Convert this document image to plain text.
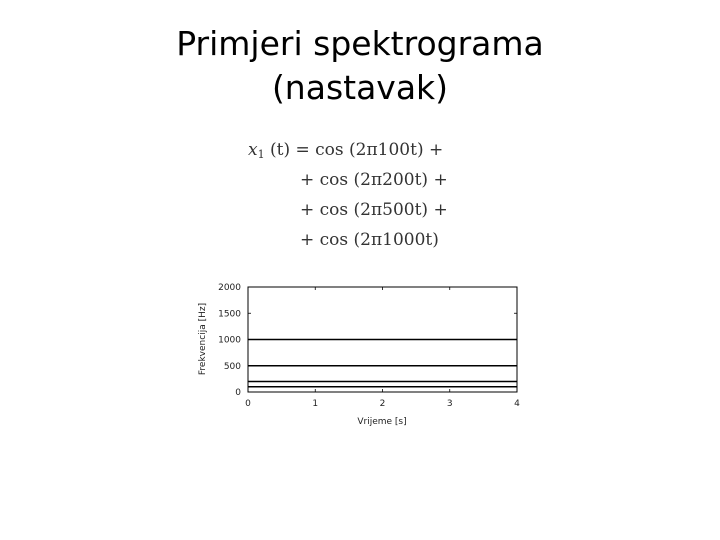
Primjeri spektrograma
(nastavak)
$x_1$ (t) = cos (2π100t) +
+ cos (2π200t) +
+ cos (2π500t) +
+ cos (2π1000t)
0	1	2	3	4
0
500
1000
1500
2000
Vrijeme [s]
Frekvencija [Hz]
